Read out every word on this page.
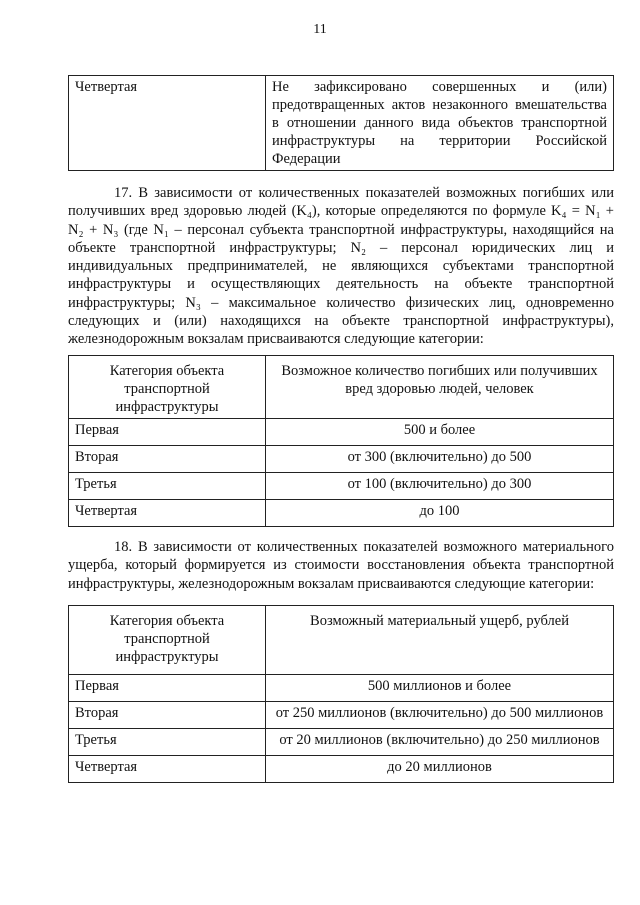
11
Четвертая	Не зафиксировано совершенных и (или) предотвращенных актов незаконного вмешательства в отношении данного вида объектов транспортной инфраструктуры на территории Российской Федерации
17. В зависимости от количественных показателей возможных погибших или получивших вред здоровью людей (K₄), которые определяются по формуле K₄ = N₁ + N₂ + N₃ (где N₁ – персонал субъекта транспортной инфраструктуры, находящийся на объекте транспортной инфраструктуры; N₂ – персонал юридических лиц и индивидуальных предпринимателей, не являющихся субъектами транспортной инфраструктуры и осуществляющих деятельность на объекте транспортной инфраструктуры; N₃ – максимальное количество физических лиц, одновременно следующих и (или) находящихся на объекте транспортной инфраструктуры), железнодорожным вокзалам присваиваются следующие категории:
Категория объекта транспортной инфраструктуры	Возможное количество погибших или получивших вред здоровью людей, человек
Первая	500 и более
Вторая	от 300 (включительно) до 500
Третья	от 100 (включительно) до 300
Четвертая	до 100
18. В зависимости от количественных показателей возможного материального ущерба, который формируется из стоимости восстановления объекта транспортной инфраструктуры, железнодорожным вокзалам присваиваются следующие категории:
Категория объекта транспортной инфраструктуры	Возможный материальный ущерб, рублей
Первая	500 миллионов и более
Вторая	от 250 миллионов (включительно) до 500 миллионов
Третья	от 20 миллионов (включительно) до 250 миллионов
Четвертая	до 20 миллионов
